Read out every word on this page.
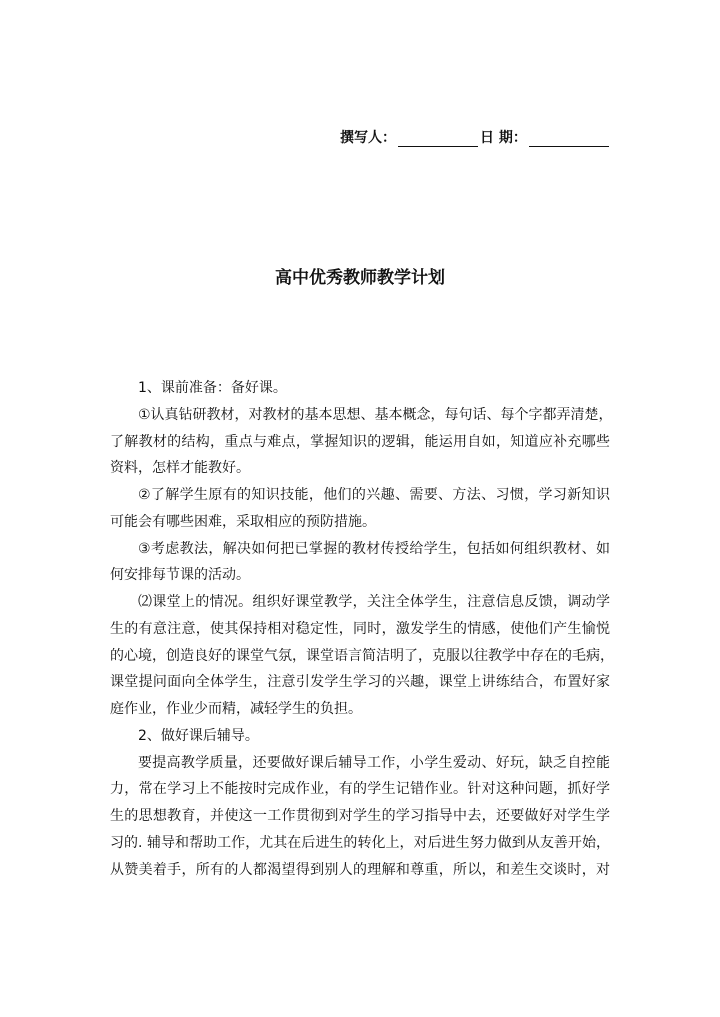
撰写人：	日 期：
高中优秀教师教学计划
1、课前准备：备好课。
①认真钻研教材，对教材的基本思想、基本概念，每句话、每个字都弄清楚，
了解教材的结构，重点与难点，掌握知识的逻辑，能运用自如，知道应补充哪些
资料，怎样才能教好。
②了解学生原有的知识技能，他们的兴趣、需要、方法、习惯，学习新知识
可能会有哪些困难，采取相应的预防措施。
③考虑教法，解决如何把已掌握的教材传授给学生，包括如何组织教材、如
何安排每节课的活动。
⑵课堂上的情况。组织好课堂教学，关注全体学生，注意信息反馈，调动学
生的有意注意，使其保持相对稳定性，同时，激发学生的情感，使他们产生愉悦
的心境，创造良好的课堂气氛，课堂语言简洁明了，克服以往教学中存在的毛病，
课堂提问面向全体学生，注意引发学生学习的兴趣，课堂上讲练结合，布置好家
庭作业，作业少而精，减轻学生的负担。
2、做好课后辅导。
要提高教学质量，还要做好课后辅导工作，小学生爱动、好玩，缺乏自控能
力，常在学习上不能按时完成作业，有的学生记错作业。针对这种问题，抓好学
生的思想教育，并使这一工作贯彻到对学生的学习指导中去，还要做好对学生学
习的. 辅导和帮助工作，尤其在后进生的转化上，对后进生努力做到从友善开始，
从赞美着手，所有的人都渴望得到别人的理解和尊重，所以，和差生交谈时，对
